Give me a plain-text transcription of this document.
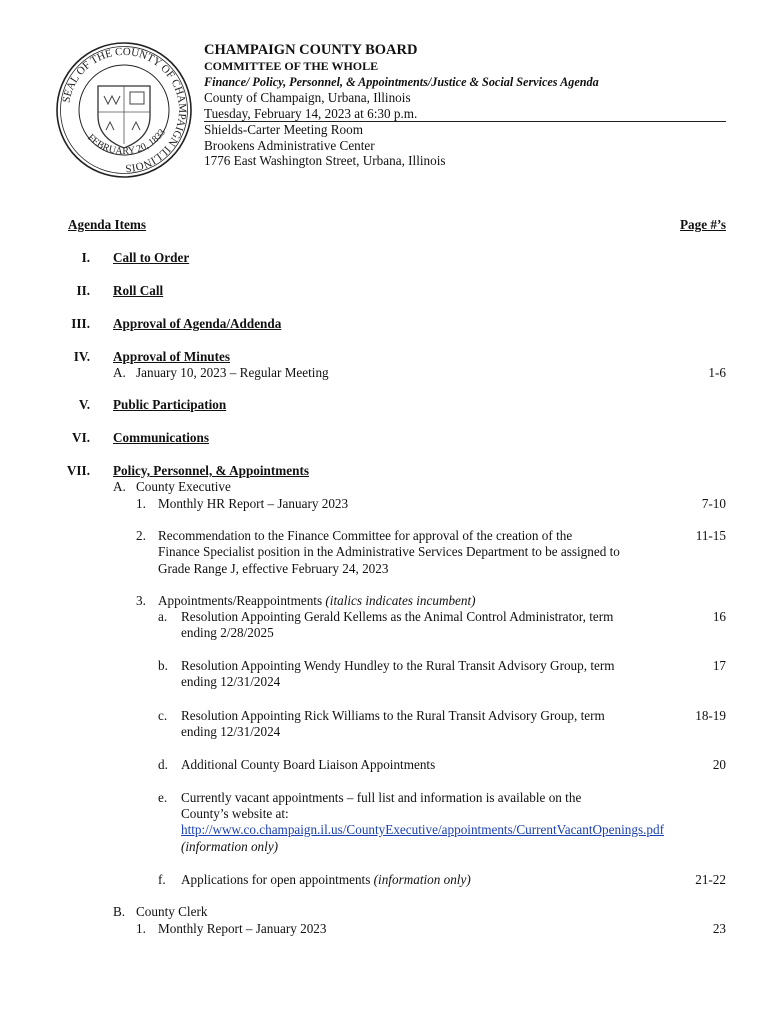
SEAL OF THE COUNTY OF CHAMPAIGN ILLINOIS
FEBRUARY 20, 1833
CHAMPAIGN COUNTY BOARD
COMMITTEE OF THE WHOLE
Finance/ Policy, Personnel, & Appointments/Justice & Social Services Agenda
County of Champaign, Urbana, Illinois
Tuesday, February 14, 2023 at 6:30 p.m.
Shields-Carter Meeting Room
Brookens Administrative Center
1776 East Washington Street, Urbana, Illinois
Agenda Items	Page #’s
I. Call to Order
II. Roll Call
III. Approval of Agenda/Addenda
IV. Approval of Minutes
A. January 10, 2023 – Regular Meeting	1-6
V. Public Participation
VI. Communications
VII. Policy, Personnel, & Appointments
A. County Executive
1. Monthly HR Report – January 2023	7-10
2. Recommendation to the Finance Committee for approval of the creation of the
Finance Specialist position in the Administrative Services Department to be assigned to
Grade Range J, effective February 24, 2023
11-15
3. Appointments/Reappointments (italics indicates incumbent)
a. Resolution Appointing Gerald Kellems as the Animal Control Administrator, term
ending 2/28/2025
16
b. Resolution Appointing Wendy Hundley to the Rural Transit Advisory Group, term
ending 12/31/2024
17
c. Resolution Appointing Rick Williams to the Rural Transit Advisory Group, term
ending 12/31/2024
18-19
d. Additional County Board Liaison Appointments	20
e. Currently vacant appointments – full list and information is available on the
County’s website at:
http://www.co.champaign.il.us/CountyExecutive/appointments/CurrentVacantOpenings.pdf
(information only)
f. Applications for open appointments (information only)	21-22
B. County Clerk
1. Monthly Report – January 2023	23
